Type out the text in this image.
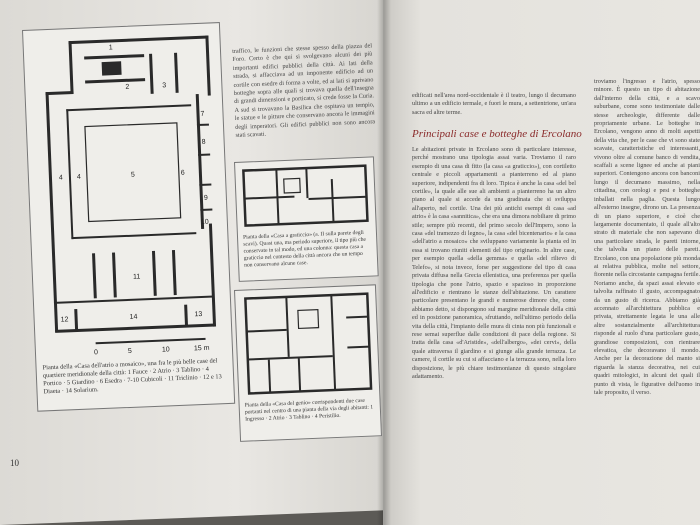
1
2	3
4 4	5	6
7
8
9
10
11
12
13
14
0	5	10	15 m
Pianta della «Casa dell'atrio a mosaico», una fra le più belle case del quartiere meridionale della città: 1 Fauce · 2 Atrio · 3 Tablino · 4 Portico · 5 Giardino · 6 Esedra · 7-10 Cubicoli · 11 Triclinio · 12 e 13 Diaeta · 14 Solarium.
Pianta della «Casa a graticcio» (a. II sulla parete degli scavi). Quasi una, ma periodo superiore, il tipo più che conservate in tal modo, ed una colonna: questa casa a graticcio nel contesto della città ancora che un tempo non conservano alcune case.
Pianta della «Casa del genio» corrispondenti due case portanti nel centro di una pianta della via degli abitanti: 1 Ingresso · 2 Atrio · 3 Tablino · 4 Peristilio.

traffico, le funzioni che stesse spesso della piazza del Foro. Certo è che qui si svolgevano alcuni dei più importanti edifici pubblici della città. Ai lati della strada, si affacciava ad un imponente edificio ad un cortile con esedre di forma a volte, ed ai lati si aprivano botteghe sopra alle quali si trovava quella dell'insegna di grandi dimensioni e porticato, si crede fosse la Curia. A sud si trovavano la Basilica che ospitava un tempio, le statue e le pitture che conservano ancora le immagini degli imperatori. Gli edifici pubblici non sono ancora stati scavati.

10

edificati nell'area nord-occidentale è il teatro, lungo il decumano ultimo a un edificio termale, e fuori le mura, a settentrione, un'ara sacra ed altre terme.

Principali case e botteghe di Ercolano

Le abitazioni private in Ercolano sono di particolare interesse, perché mostrano una tipologia assai varia. Troviamo il raro esempio di una casa di fitto (la casa «a graticcio»), con cortiletto centrale e piccoli appartamenti a pianterreno ed al piano superiore, indipendenti fra di loro. Tipica è anche la casa «del bel cortile», la quale alle sue ali ambienti a pianterreno ha un altro piano al quale si accede da una gradinata che si sviluppa all'aperto, nel cortile. Una dei più antichi esempi di casa «ad atrio» è la casa «sannitica», che era una dimora nobiliare di primo stile; sempre più recenti, del primo secolo dell'Impero, sono la casa «del tramezzo di legno», la casa «del bicentenario» e la casa «dell'atrio a mosaico» che sviluppano variamente la pianta ed in essa si trovano riuniti elementi del tipo originario. In altre case, per esempio quella «della gemma» e quella «del rilievo di Telefo», si nota invece, forse per suggestione del tipo di casa privata diffusa nella Grecia ellenistica, una preferenza per quella tipologia che pone l'atrio, spazio e spazioso in proporzione all'edificio e rientrano le stanze dell'abitazione. Un carattere particolare presentano le grandi e numerose dimore che, come abbiamo detto, si dispongono sul margine meridionale della città ed in posizione panoramica, sfruttando, nell'ultimo periodo della vita della città, l'impianto delle mura di cinta non più funzionali e rese semai superflue dalle condizioni di pace della regione. Si tratta della casa «d'Aristide», «dell'albergo», «dei cervi», della quale attraversa il giardino e si giunge alla grande terrazza. Le camere, il cortile su cui si affacciano e la terrazza sono, nella loro disposizione, le più chiare testimonianze di questo singolare adattamento.

troviamo l'ingresso e l'atrio, spesso minore. È questo un tipo di abitazione dall'interno della città, e a scavo suburbane, come sono testimoniate dalle stesse archeologie, differente dalle propriamente urbane. Le botteghe in Ercolano, vengono anno di molti aspetti della vita che, per le case che vi sono state scavate, caratteristiche ed interessanti, vivono oltre al comune banco di vendita, scaffali a scene lignee ed anche ai piani superiori. Contengono ancora con banconi lungo il decumano massimo, nella cittadina, con orologi e pesi e botteghe inballati nella paglia. Questa lungo all'esterno insegne, dirono un. La presenza di un piano superiore, e cioè che largamente documentato, il quale all'alto strato di materiale che non sapevano di una particolare strada, le pareti intorne, che talvolta un piano delle pareti. Ercolano, con una popolazione più monda ai relativa pubblica, molte nel settore, fiorente nella circostante campagna fertile. Noriamo anche, da spazi assai elevato e talvolta raffinato il gusto, accompagnato da un gusto di ricerca. Abbiamo già accennato all'architettura pubblica e privata, strettamente legata le una alle altre sostanzialmente all'architettura risponde al ruolo d'una particolare gusto, grandiose composizioni, con rientrare elevatica, che decoravano il mondo. Anche per la decorazione del manto si riguarda la stanza decorativa, nei cui quadri mitologici, in alcuni dei quali il punto di vista, le figurative dell'uomo in tale proposito, il verso.
